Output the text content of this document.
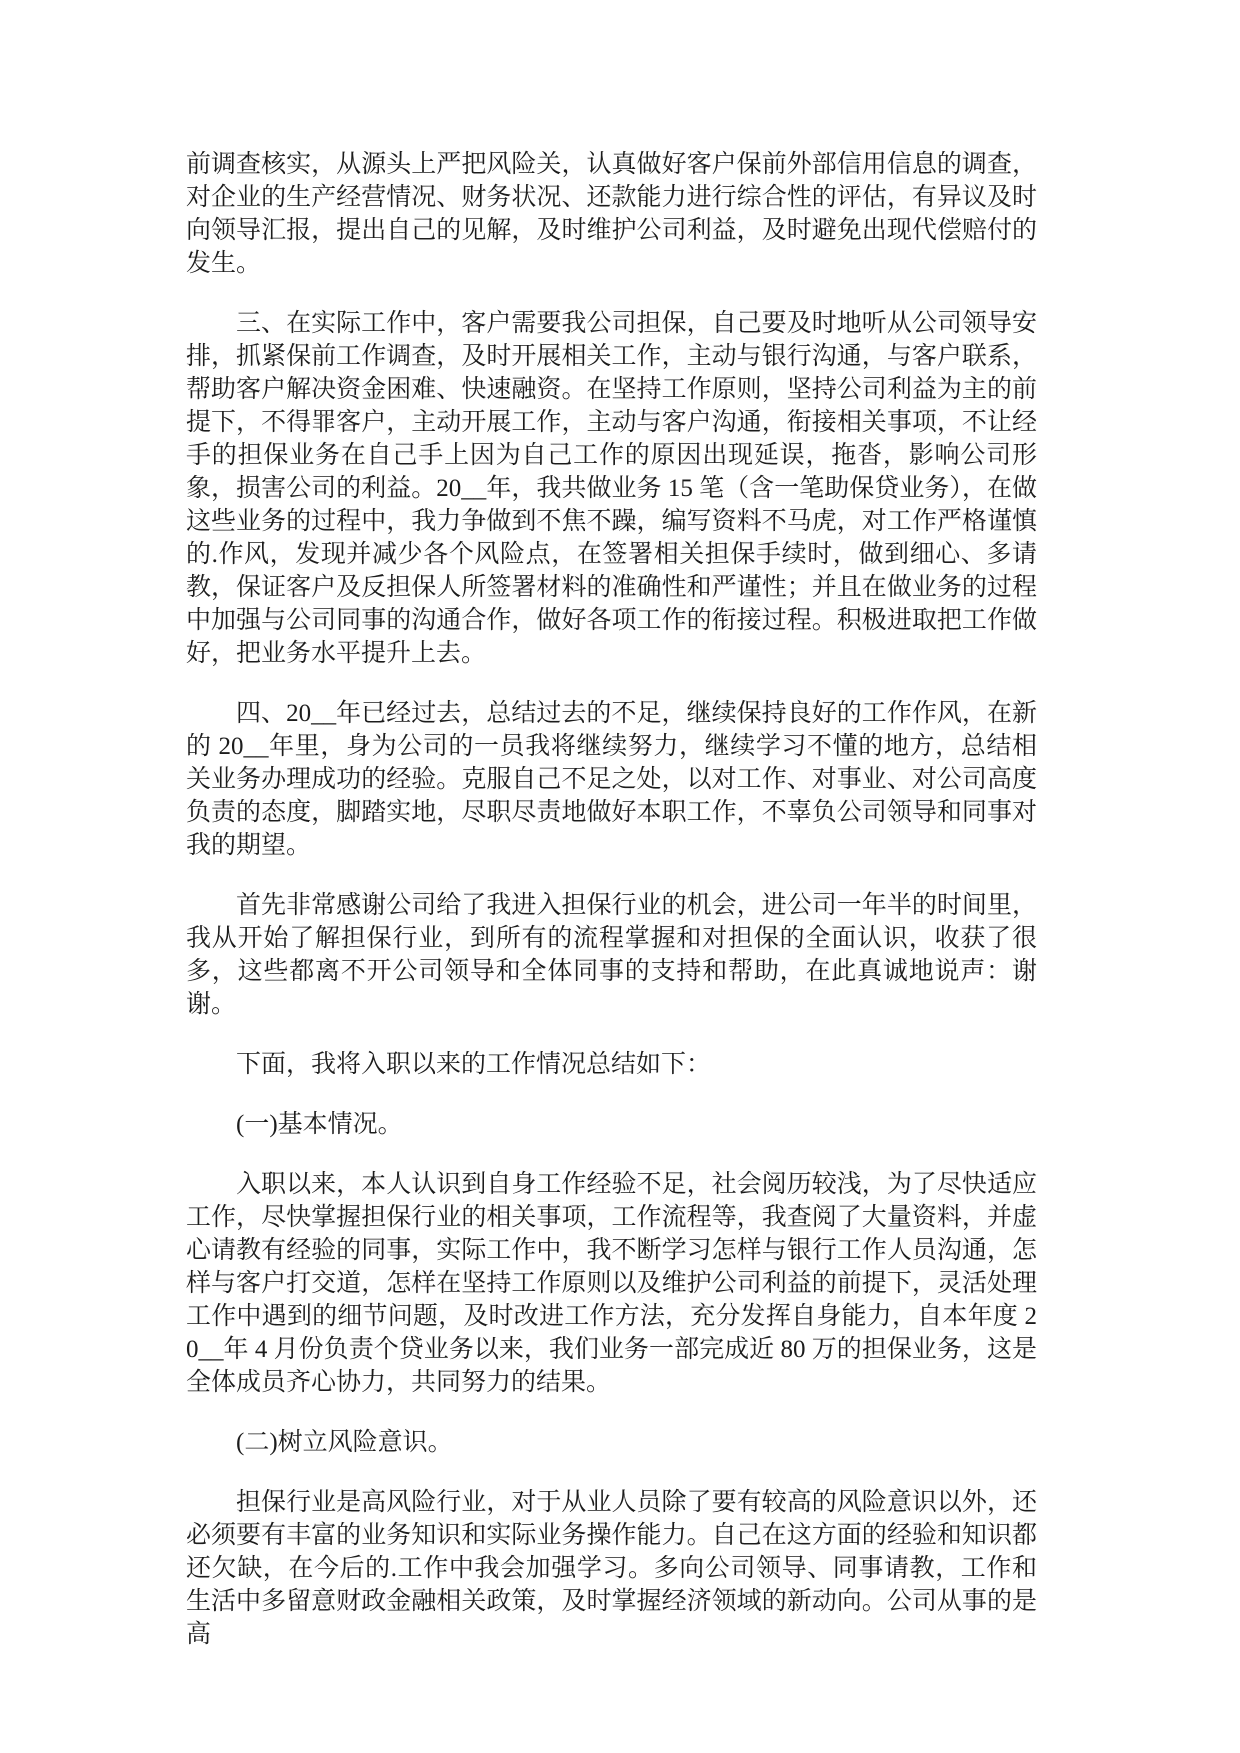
前调查核实，从源头上严把风险关，认真做好客户保前外部信用信息的调查，对企业的生产经营情况、财务状况、还款能力进行综合性的评估，有异议及时向领导汇报，提出自己的见解，及时维护公司利益，及时避免出现代偿赔付的发生。

三、在实际工作中，客户需要我公司担保，自己要及时地听从公司领导安排，抓紧保前工作调查，及时开展相关工作，主动与银行沟通，与客户联系，帮助客户解决资金困难、快速融资。在坚持工作原则，坚持公司利益为主的前提下，不得罪客户，主动开展工作，主动与客户沟通，衔接相关事项，不让经手的担保业务在自己手上因为自己工作的原因出现延误，拖沓，影响公司形象，损害公司的利益。20__年，我共做业务 15 笔（含一笔助保贷业务），在做这些业务的过程中，我力争做到不焦不躁，编写资料不马虎，对工作严格谨慎的.作风，发现并减少各个风险点，在签署相关担保手续时，做到细心、多请教，保证客户及反担保人所签署材料的准确性和严谨性；并且在做业务的过程中加强与公司同事的沟通合作，做好各项工作的衔接过程。积极进取把工作做好，把业务水平提升上去。

四、20__年已经过去，总结过去的不足，继续保持良好的工作作风，在新的 20__年里，身为公司的一员我将继续努力，继续学习不懂的地方，总结相关业务办理成功的经验。克服自己不足之处，以对工作、对事业、对公司高度负责的态度，脚踏实地，尽职尽责地做好本职工作，不辜负公司领导和同事对我的期望。

首先非常感谢公司给了我进入担保行业的机会，进公司一年半的时间里，我从开始了解担保行业，到所有的流程掌握和对担保的全面认识，收获了很多，这些都离不开公司领导和全体同事的支持和帮助，在此真诚地说声：谢谢。

下面，我将入职以来的工作情况总结如下：

(一)基本情况。

入职以来，本人认识到自身工作经验不足，社会阅历较浅，为了尽快适应工作，尽快掌握担保行业的相关事项，工作流程等，我查阅了大量资料，并虚心请教有经验的同事，实际工作中，我不断学习怎样与银行工作人员沟通，怎样与客户打交道，怎样在坚持工作原则以及维护公司利益的前提下，灵活处理工作中遇到的细节问题，及时改进工作方法，充分发挥自身能力，自本年度 20__年 4 月份负责个贷业务以来，我们业务一部完成近 80 万的担保业务，这是全体成员齐心协力，共同努力的结果。

(二)树立风险意识。

担保行业是高风险行业，对于从业人员除了要有较高的风险意识以外，还必须要有丰富的业务知识和实际业务操作能力。自己在这方面的经验和知识都还欠缺，在今后的.工作中我会加强学习。多向公司领导、同事请教，工作和生活中多留意财政金融相关政策，及时掌握经济领域的新动向。公司从事的是高
